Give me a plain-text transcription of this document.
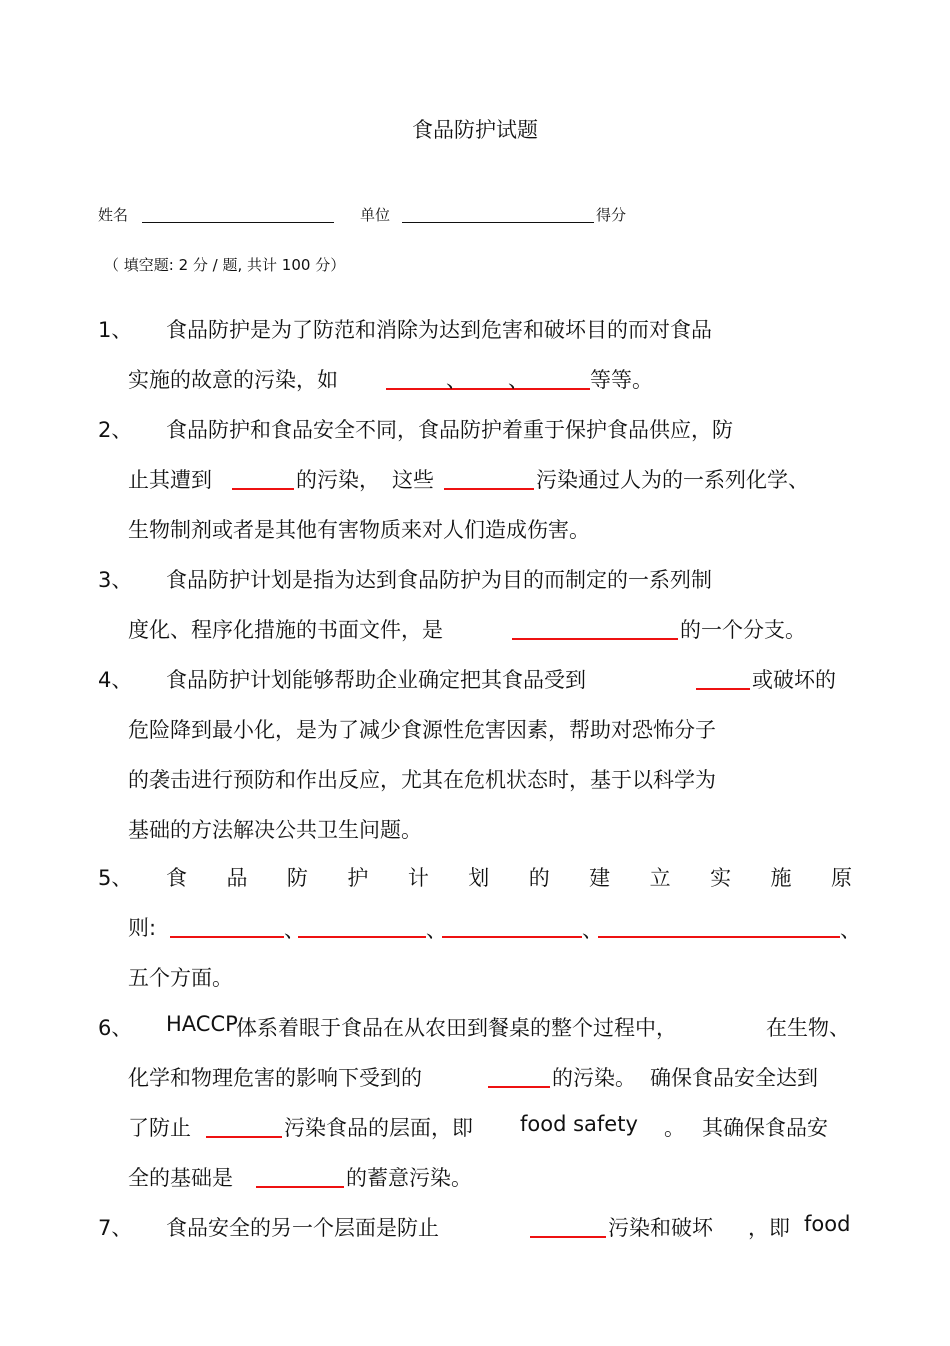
食品防护试题
姓名	单位	得分
（ 填空题: 2 分 / 题, 共计 100 分）
1、 食品防护是为了防范和消除为达到危害和破坏目的而对食品
实施的故意的污染，如	、 、	等等。
2、 食品防护和食品安全不同，食品防护着重于保护食品供应，防
止其遭到	的污染， 这些	污染通过人为的一系列化学、
生物制剂或者是其他有害物质来对人们造成伤害。
3、 食品防护计划是指为达到食品防护为目的而制定的一系列制
度化、程序化措施的书面文件，是	的一个分支。
4、 食品防护计划能够帮助企业确定把其食品受到	或破坏的
危险降到最小化，是为了减少食源性危害因素，帮助对恐怖分子
的袭击进行预防和作出反应，尤其在危机状态时，基于以科学为
基础的方法解决公共卫生问题。
5、 食 品 防 护 计 划 的 建 立 实 施 原
则:	、	、	、	、
五个方面。
6、 HACCP
体系着眼于食品在从农田到餐桌的整个过程中，	在生物、
化学和物理危害的影响下受到的	的污染。 确保食品安全达到
了防止	污染食品的层面，即 food safety 。 其确保食品安
全的基础是	的蓄意污染。
7、 食品安全的另一个层面是防止	污染和破坏 ，即 food
